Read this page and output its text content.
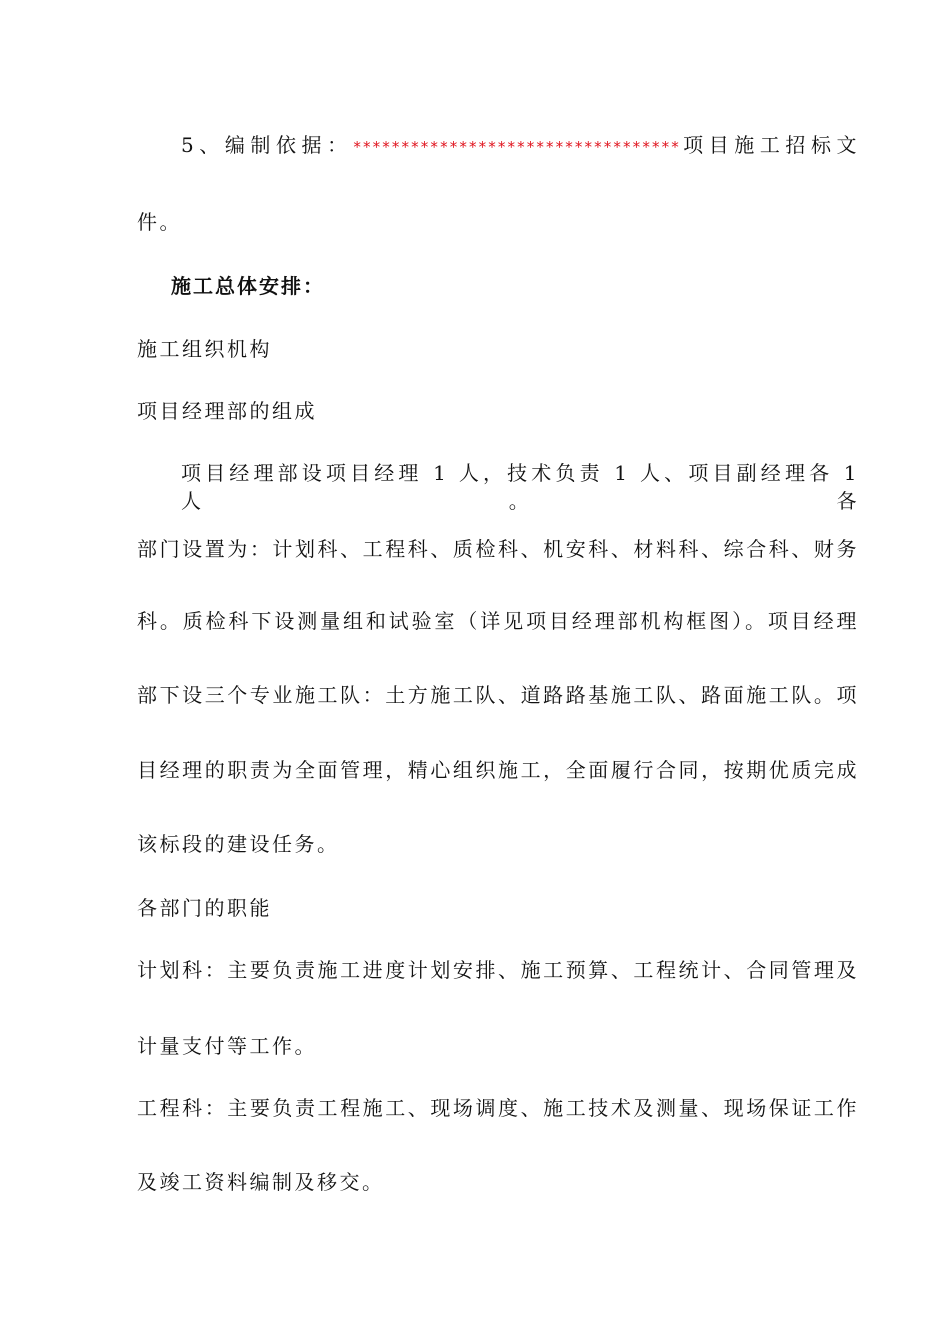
5、编制依据：**********************************项目施工招标文
件。
施工总体安排：
施工组织机构
项目经理部的组成
项目经理部设项目经理 1 人，技术负责 1 人、项目副经理各 1 人。各
部门设置为：计划科、工程科、质检科、机安科、材料科、综合科、财务
科。质检科下设测量组和试验室（详见项目经理部机构框图）。项目经理
部下设三个专业施工队：土方施工队、道路路基施工队、路面施工队。项
目经理的职责为全面管理，精心组织施工，全面履行合同，按期优质完成
该标段的建设任务。
各部门的职能
计划科：主要负责施工进度计划安排、施工预算、工程统计、合同管理及
计量支付等工作。
工程科：主要负责工程施工、现场调度、施工技术及测量、现场保证工作
及竣工资料编制及移交。
